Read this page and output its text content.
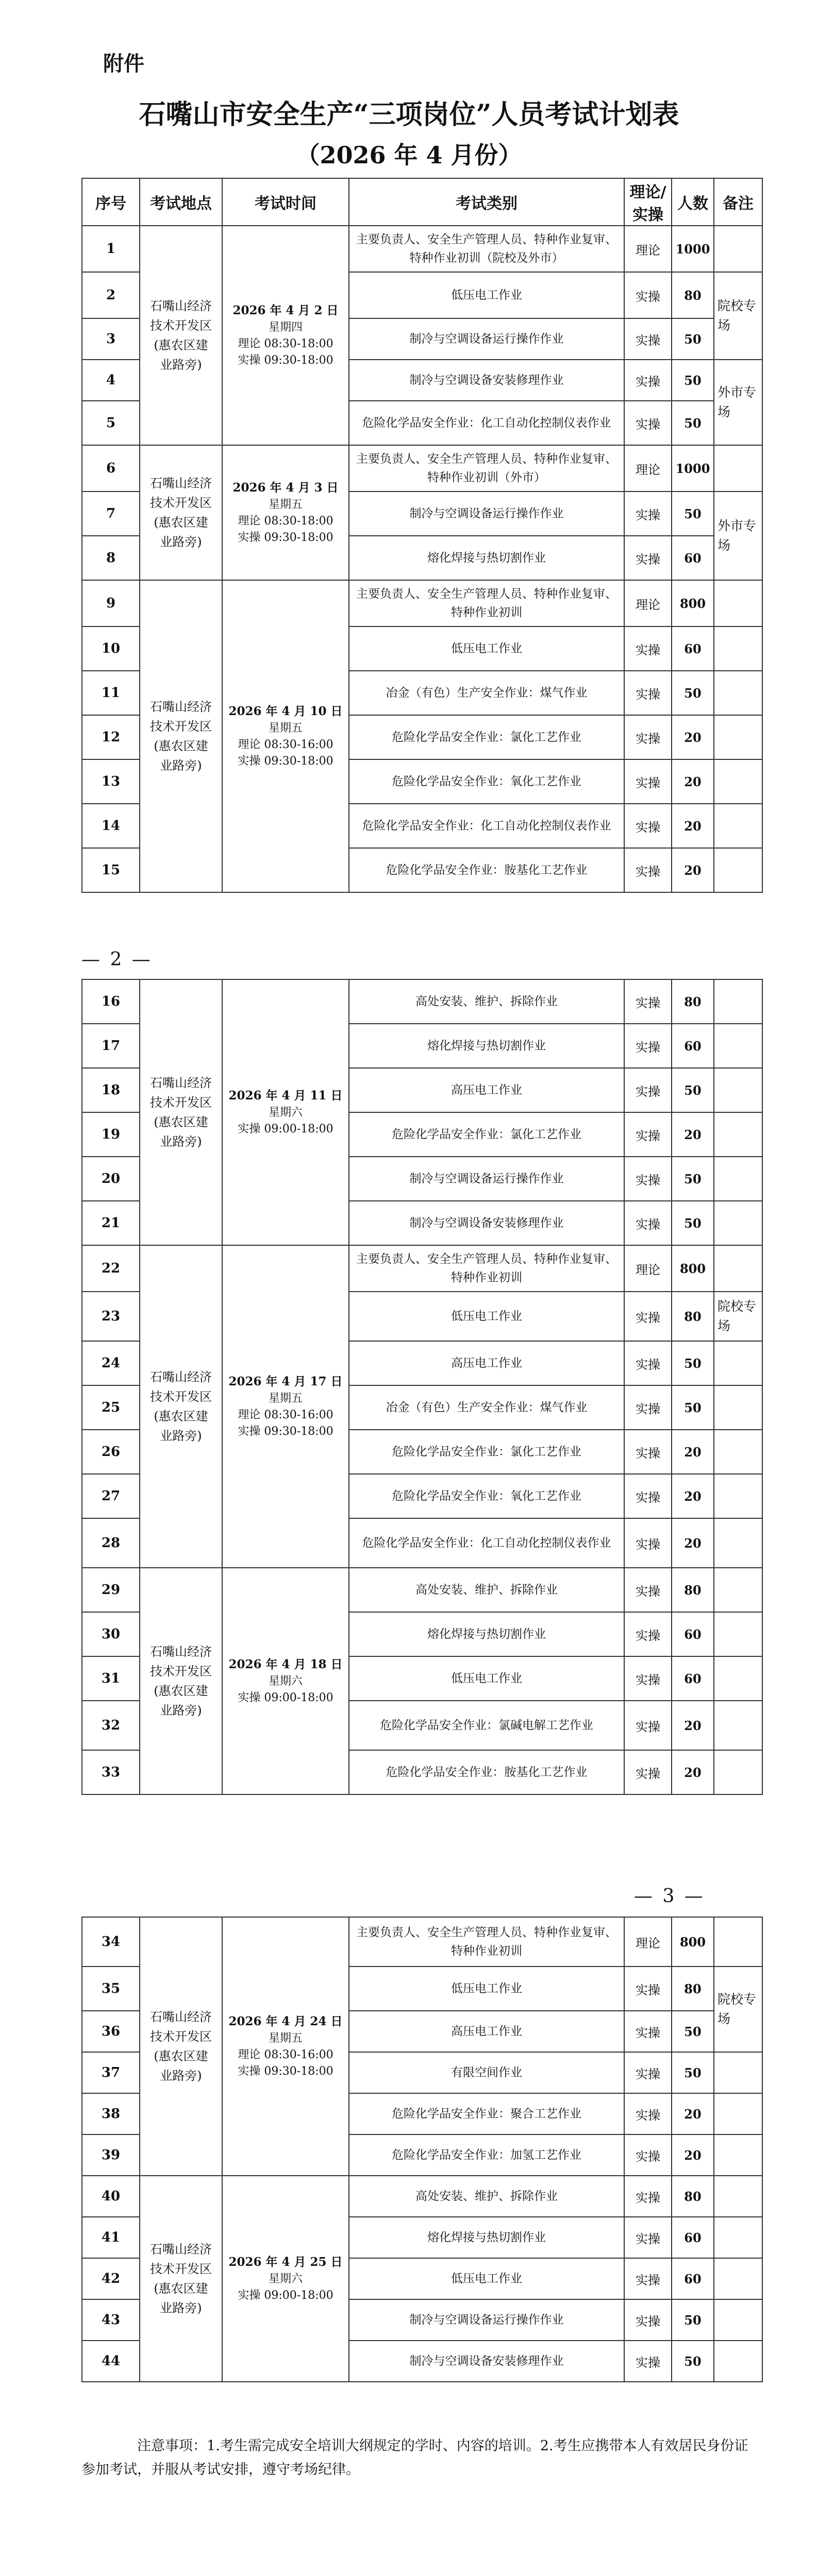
附件
石嘴山市安全生产“三项岗位”人员考试计划表
（2026 年 4 月份）
序号	考试地点	考试时间	考试类别	理论/实操	人数	备注
1	石嘴山经济技术开发区(惠农区建业路旁)	2026 年 4 月 2 日
星期四
理论 08:30-18:00
实操 09:30-18:00	主要负责人、安全生产管理人员、特种作业复审、特种作业初训（院校及外市）	理论	1000	
2			低压电工作业	实操	80	院校专场
3			制冷与空调设备运行操作作业	实操	50	
4			制冷与空调设备安装修理作业	实操	50	外市专场
5			危险化学品安全作业：化工自动化控制仪表作业	实操	50	
6	石嘴山经济技术开发区(惠农区建业路旁)	2026 年 4 月 3 日
星期五
理论 08:30-18:00
实操 09:30-18:00	主要负责人、安全生产管理人员、特种作业复审、特种作业初训（外市）	理论	1000	
7			制冷与空调设备运行操作作业	实操	50	外市专场
8			熔化焊接与热切割作业	实操	60	
9	石嘴山经济技术开发区(惠农区建业路旁)	2026 年 4 月 10 日
星期五
理论 08:30-16:00
实操 09:30-18:00	主要负责人、安全生产管理人员、特种作业复审、特种作业初训	理论	800	
10			低压电工作业	实操	60	
11			冶金（有色）生产安全作业：煤气作业	实操	50	
12			危险化学品安全作业：氯化工艺作业	实操	20	
13			危险化学品安全作业：氧化工艺作业	实操	20	
14			危险化学品安全作业：化工自动化控制仪表作业	实操	20	
15			危险化学品安全作业：胺基化工艺作业	实操	20	
— 2 —
16	石嘴山经济技术开发区(惠农区建业路旁)	2026 年 4 月 11 日
星期六
实操 09:00-18:00	高处安装、维护、拆除作业	实操	80	
17			熔化焊接与热切割作业	实操	60	
18			高压电工作业	实操	50	
19			危险化学品安全作业：氯化工艺作业	实操	20	
20			制冷与空调设备运行操作作业	实操	50	
21			制冷与空调设备安装修理作业	实操	50	
22	石嘴山经济技术开发区(惠农区建业路旁)	2026 年 4 月 17 日
星期五
理论 08:30-16:00
实操 09:30-18:00	主要负责人、安全生产管理人员、特种作业复审、特种作业初训	理论	800	
23			低压电工作业	实操	80	院校专场
24			高压电工作业	实操	50	
25			冶金（有色）生产安全作业：煤气作业	实操	50	
26			危险化学品安全作业：氯化工艺作业	实操	20	
27			危险化学品安全作业：氧化工艺作业	实操	20	
28			危险化学品安全作业：化工自动化控制仪表作业	实操	20	
29	石嘴山经济技术开发区(惠农区建业路旁)	2026 年 4 月 18 日
星期六
实操 09:00-18:00	高处安装、维护、拆除作业	实操	80	
30			熔化焊接与热切割作业	实操	60	
31			低压电工作业	实操	60	
32			危险化学品安全作业：氯碱电解工艺作业	实操	20	
33			危险化学品安全作业：胺基化工艺作业	实操	20	
— 3 —
34	石嘴山经济技术开发区(惠农区建业路旁)	2026 年 4 月 24 日
星期五
理论 08:30-16:00
实操 09:30-18:00	主要负责人、安全生产管理人员、特种作业复审、特种作业初训	理论	800	
35			低压电工作业	实操	80	院校专场
36			高压电工作业	实操	50	
37			有限空间作业	实操	50	
38			危险化学品安全作业：聚合工艺作业	实操	20	
39			危险化学品安全作业：加氢工艺作业	实操	20	
40	石嘴山经济技术开发区(惠农区建业路旁)	2026 年 4 月 25 日
星期六
实操 09:00-18:00	高处安装、维护、拆除作业	实操	80	
41			熔化焊接与热切割作业	实操	60	
42			低压电工作业	实操	60	
43			制冷与空调设备运行操作作业	实操	50	
44			制冷与空调设备安装修理作业	实操	50	
注意事项：1.考生需完成安全培训大纲规定的学时、内容的培训。2.考生应携带本人有效居民身份证参加考试，并服从考试安排，遵守考场纪律。
